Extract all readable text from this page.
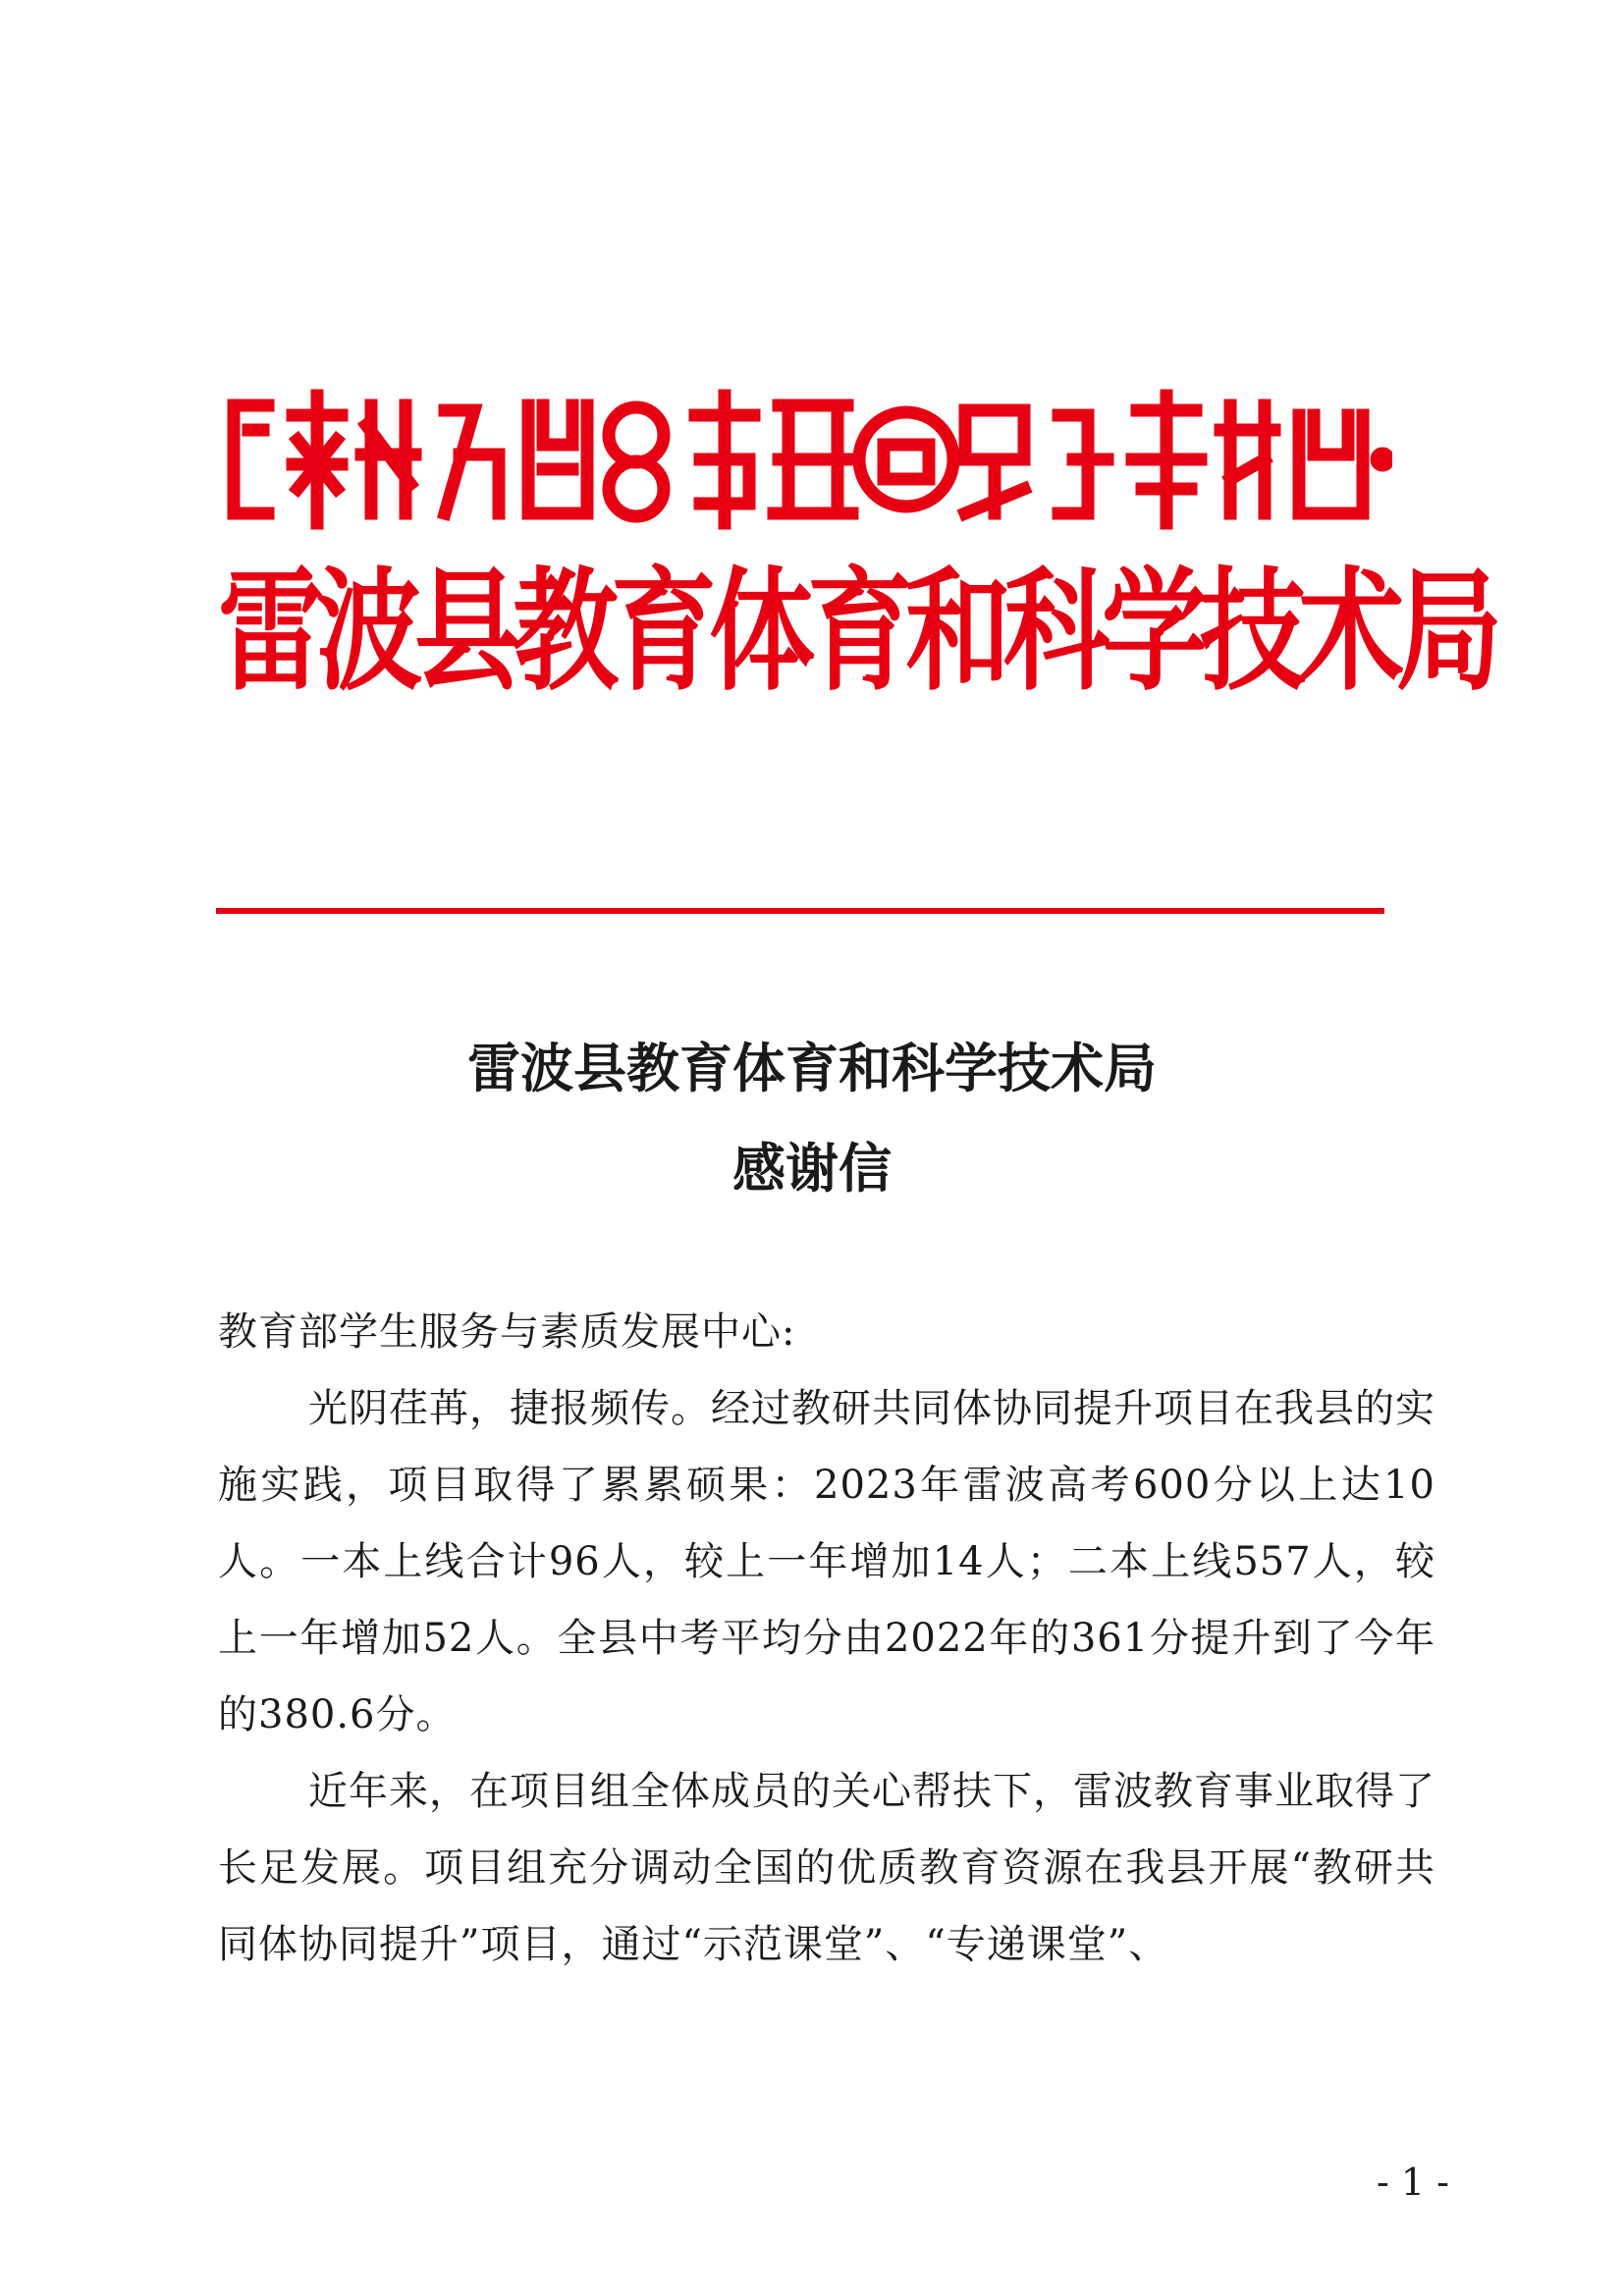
雷波县教育体育和科学技术局
雷波县教育体育和科学技术局
感谢信

教育部学生服务与素质发展中心:

光阴荏苒，捷报频传。经过教研共同体协同提升项目在我县的实施实践，项目取得了累累硕果：2023年雷波高考600分以上达10人。一本上线合计96人，较上一年增加14人；二本上线557人，较上一年增加52人。全县中考平均分由2022年的361分提升到了今年的380.6分。

近年来，在项目组全体成员的关心帮扶下，雷波教育事业取得了长足发展。项目组充分调动全国的优质教育资源在我县开展“教研共同体协同提升”项目，通过“示范课堂”、“专递课堂”、

- 1 -
